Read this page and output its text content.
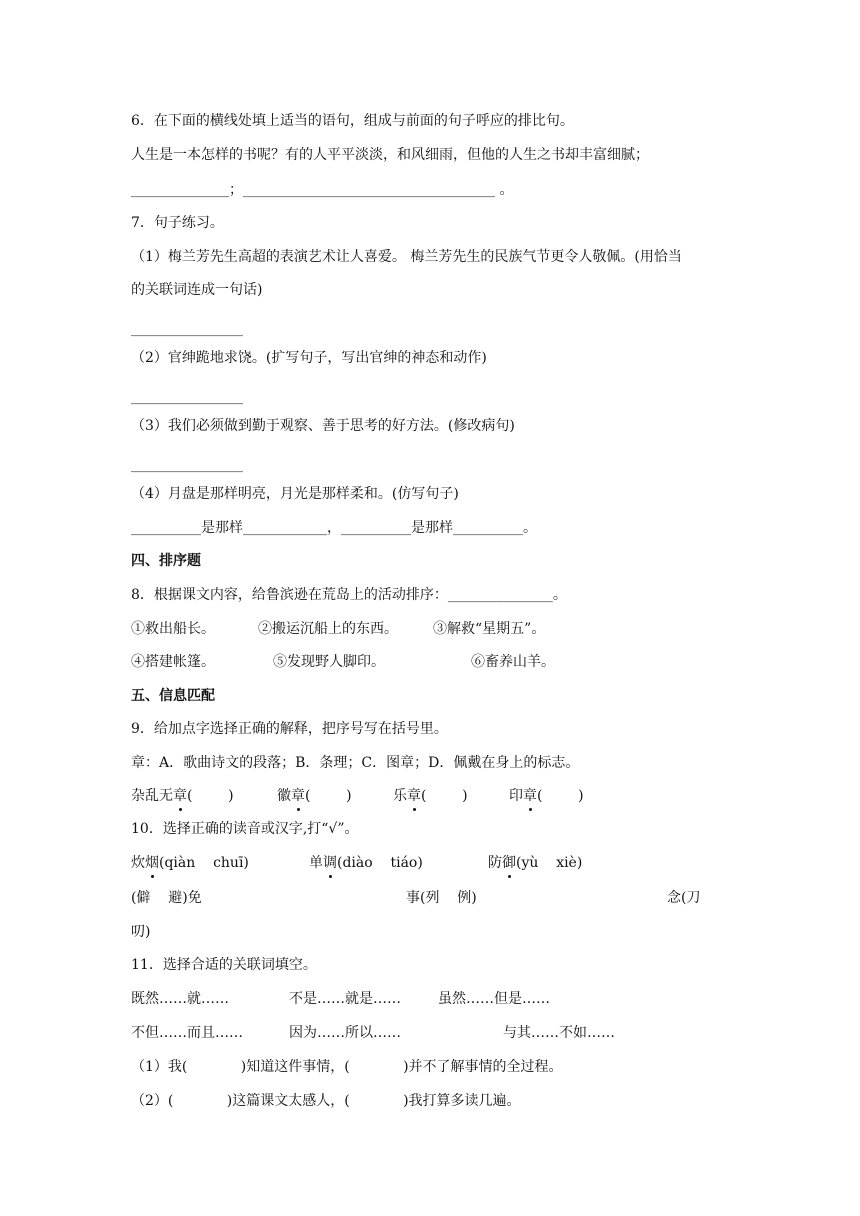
6．在下面的横线处填上适当的语句，组成与前面的句子呼应的排比句。
人生是一本怎样的书呢？有的人平平淡淡，和风细雨，但他的人生之书却丰富细腻；
______________；____________________________________ 。
7．句子练习。
（1）梅兰芳先生高超的表演艺术让人喜爱。 梅兰芳先生的民族气节更令人敬佩。(用恰当
的关联词连成一句话)
________________
（2）官绅跪地求饶。(扩写句子，写出官绅的神态和动作)
________________
（3）我们必须做到勤于观察、善于思考的好方法。(修改病句)
________________
（4）月盘是那样明亮，月光是那样柔和。(仿写句子)
__________是那样____________，__________是那样__________。
四、排序题
8．根据课文内容，给鲁滨逊在荒岛上的活动排序：_______________。
①救出船长。	②搬运沉船上的东西。	③解救“星期五”。
④搭建帐篷。	⑤发现野人脚印。	⑥畜养山羊。
五、信息匹配
9．给加点字选择正确的解释，把序号写在括号里。
章：A．歌曲诗文的段落；B．条理；C．图章；D．佩戴在身上的标志。
杂乱无章(        )	徽章(        )	乐章(        )	印章(        )
10．选择正确的读音或汉字,打“√”。
炊烟(qiàn    chuī)	单调(diào    tiáo)	防御(yù    xiè)
(僻    避)免	事(列    例)	念(刀
叨)
11．选择合适的关联词填空。
既然……就……	不是……就是……	虽然……但是……
不但……而且……	因为……所以……	与其……不如……
（1）我(            )知道这件事情，(            )并不了解事情的全过程。
（2）(            )这篇课文太感人，(            )我打算多读几遍。
